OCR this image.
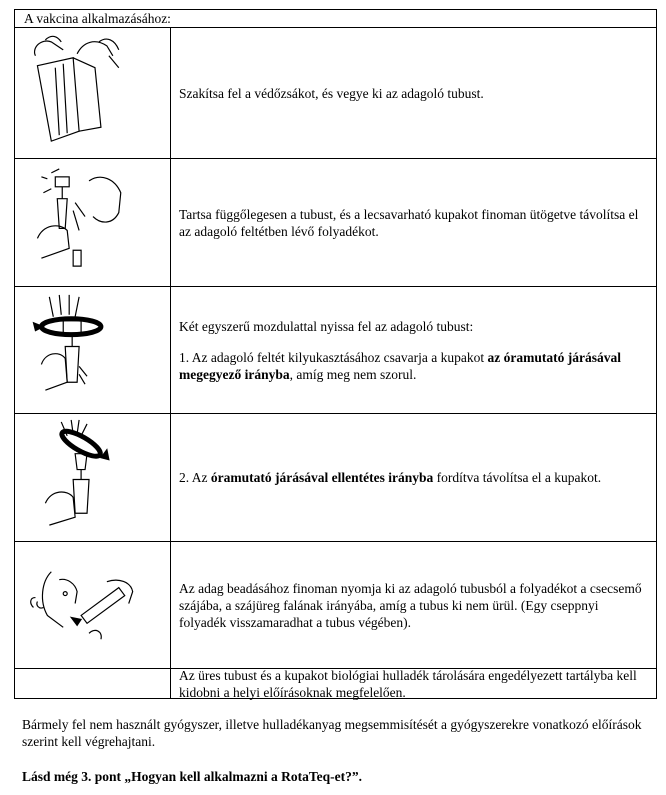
A vakcina alkalmazásához:

Szakítsa fel a védőzsákot, és vegye ki az adagoló tubust.

Tartsa függőlegesen a tubust, és a lecsavarható kupakot finoman ütögetve távolítsa el az adagoló feltétben lévő folyadékot.

Két egyszerű mozdulattal nyissa fel az adagoló tubust:

1. Az adagoló feltét kilyukasztásához csavarja a kupakot az óramutató járásával megegyező irányba, amíg meg nem szorul.

2. Az óramutató járásával ellentétes irányba fordítva távolítsa el a kupakot.

Az adag beadásához finoman nyomja ki az adagoló tubusból a folyadékot a csecsemő szájába, a szájüreg falának irányába, amíg a tubus ki nem ürül. (Egy cseppnyi folyadék visszamaradhat a tubus végében).

Az üres tubust és a kupakot biológiai hulladék tárolására engedélyezett tartályba kell kidobni a helyi előírásoknak megfelelően.

Bármely fel nem használt gyógyszer, illetve hulladékanyag megsemmisítését a gyógyszerekre vonatkozó előírások szerint kell végrehajtani.
Lásd még 3. pont „Hogyan kell alkalmazni a RotaTeq-et?”.
